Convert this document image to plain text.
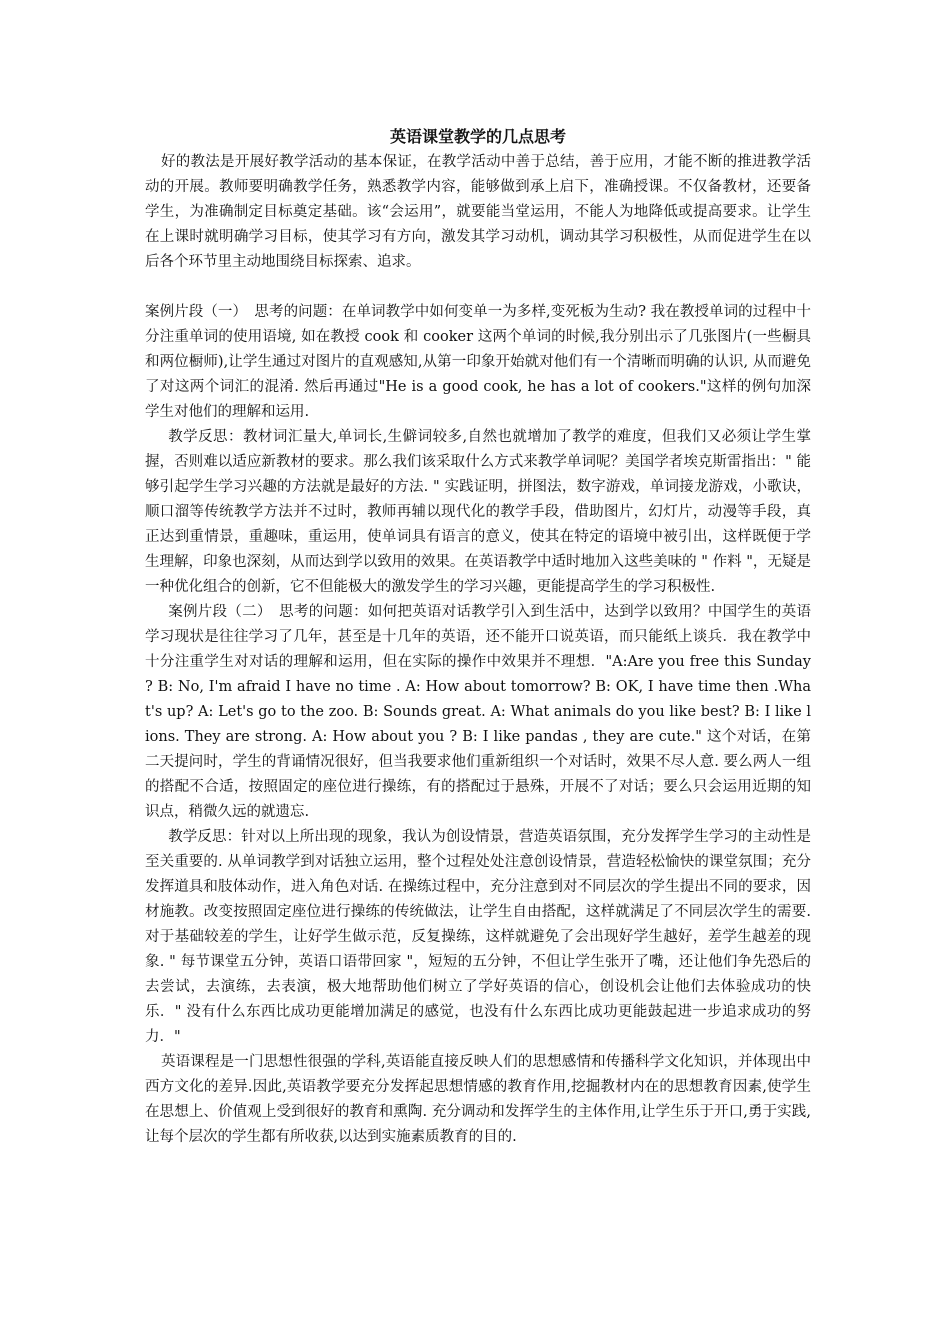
英语课堂教学的几点思考

好的教法是开展好教学活动的基本保证，在教学活动中善于总结，善于应用，才能不断的推进教学活动的开展。教师要明确教学任务，熟悉教学内容，能够做到承上启下，准确授课。不仅备教材，还要备学生，为准确制定目标奠定基础。该“会运用”，就要能当堂运用，不能人为地降低或提高要求。让学生在上课时就明确学习目标，使其学习有方向，激发其学习动机，调动其学习积极性，从而促进学生在以后各个环节里主动地围绕目标探索、追求。

案例片段（一）　思考的问题：在单词教学中如何变单一为多样,变死板为生动? 我在教授单词的过程中十分注重单词的使用语境, 如在教授 cook 和 cooker 这两个单词的时候,我分别出示了几张图片(一些橱具和两位橱师),让学生通过对图片的直观感知,从第一印象开始就对他们有一个清晰而明确的认识, 从而避免了对这两个词汇的混淆. 然后再通过"He is a good cook, he has a lot of cookers."这样的例句加深学生对他们的理解和运用.

教学反思：教材词汇量大,单词长,生僻词较多,自然也就增加了教学的难度，但我们又必须让学生掌握，否则难以适应新教材的要求。那么我们该采取什么方式来教学单词呢？美国学者埃克斯雷指出：" 能够引起学生学习兴趣的方法就是最好的方法. " 实践证明，拼图法，数字游戏，单词接龙游戏，小歌诀，顺口溜等传统教学方法并不过时，教师再辅以现代化的教学手段，借助图片，幻灯片，动漫等手段，真正达到重情景，重趣味，重运用，使单词具有语言的意义，使其在特定的语境中被引出，这样既便于学生理解，印象也深刻，从而达到学以致用的效果。在英语教学中适时地加入这些美味的 " 作料 "，无疑是一种优化组合的创新，它不但能极大的激发学生的学习兴趣，更能提高学生的学习积极性.

案例片段（二）　思考的问题：如何把英语对话教学引入到生活中，达到学以致用？中国学生的英语学习现状是往往学习了几年，甚至是十几年的英语，还不能开口说英语，而只能纸上谈兵．我在教学中十分注重学生对对话的理解和运用，但在实际的操作中效果并不理想．"A:Are you free this Sunday ? B: No, I'm afraid I have no time . A: How about tomorrow? B: OK, I have time then .What's up? A: Let's go to the zoo. B: Sounds great. A: What animals do you like best? B: I like lions. They are strong. A: How about you ? B: I like pandas , they are cute." 这个对话，在第二天提问时，学生的背诵情况很好，但当我要求他们重新组织一个对话时，效果不尽人意. 要么两人一组的搭配不合适，按照固定的座位进行操练，有的搭配过于悬殊，开展不了对话；要么只会运用近期的知识点，稍微久远的就遗忘.

教学反思：针对以上所出现的现象，我认为创设情景，营造英语氛围，充分发挥学生学习的主动性是至关重要的. 从单词教学到对话独立运用，整个过程处处注意创设情景，营造轻松愉快的课堂氛围；充分发挥道具和肢体动作，进入角色对话. 在操练过程中，充分注意到对不同层次的学生提出不同的要求，因材施教。改变按照固定座位进行操练的传统做法，让学生自由搭配，这样就满足了不同层次学生的需要. 对于基础较差的学生，让好学生做示范，反复操练，这样就避免了会出现好学生越好，差学生越差的现象. " 每节课堂五分钟，英语口语带回家 "，短短的五分钟，不但让学生张开了嘴，还让他们争先恐后的去尝试，去演练，去表演，极大地帮助他们树立了学好英语的信心，创设机会让他们去体验成功的快乐．" 没有什么东西比成功更能增加满足的感觉，也没有什么东西比成功更能鼓起进一步追求成功的努力．"

英语课程是一门思想性很强的学科,英语能直接反映人们的思想感情和传播科学文化知识，并体现出中西方文化的差异.因此,英语教学要充分发挥起思想情感的教育作用,挖掘教材内在的思想教育因素,使学生在思想上、价值观上受到很好的教育和熏陶. 充分调动和发挥学生的主体作用,让学生乐于开口,勇于实践,让每个层次的学生都有所收获,以达到实施素质教育的目的.
